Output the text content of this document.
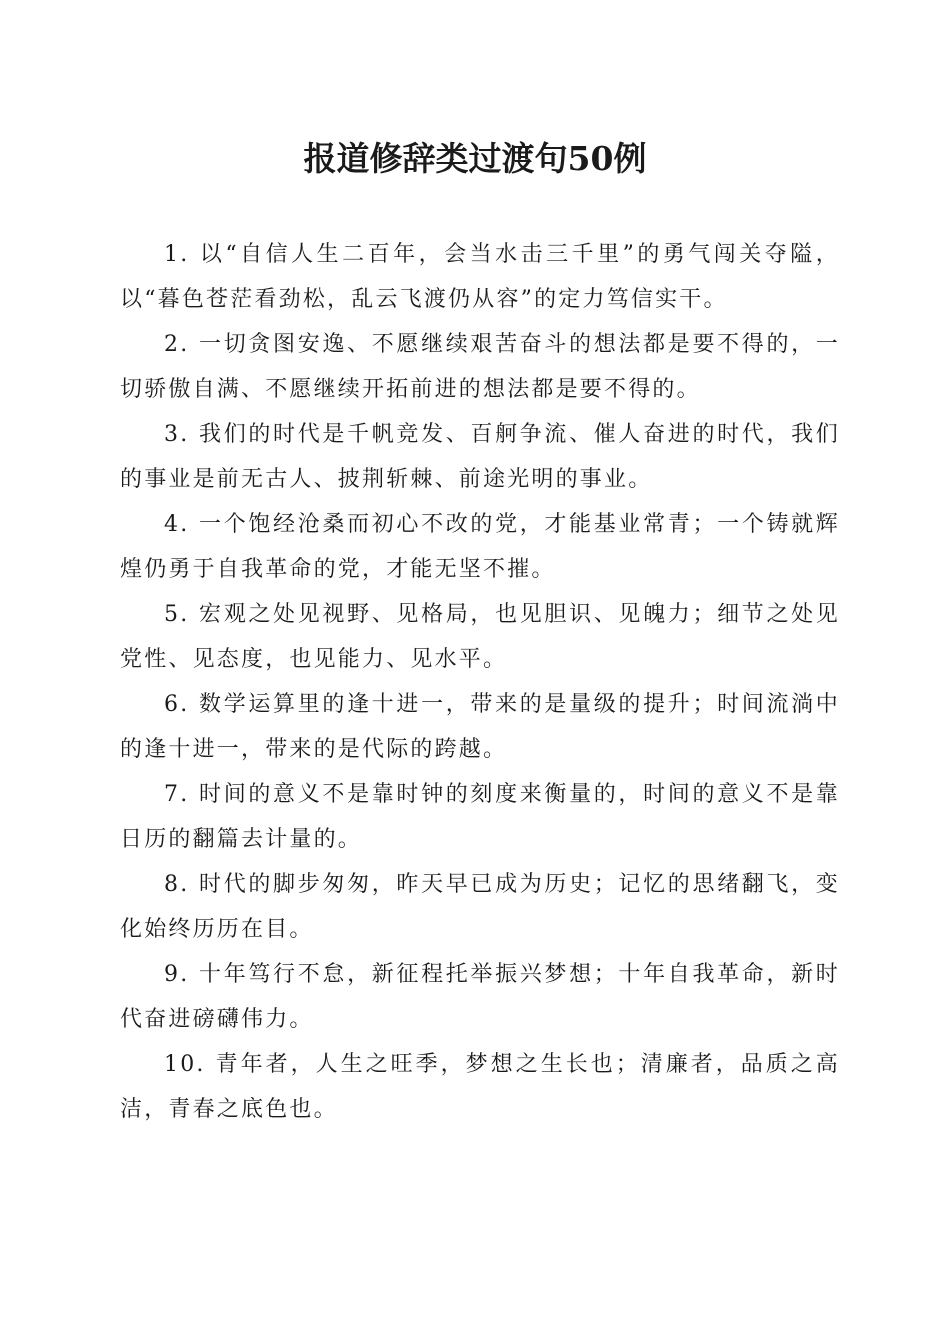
报道修辞类过渡句50例

1. 以“自信人生二百年，会当水击三千里”的勇气闯关夺隘，以“暮色苍茫看劲松，乱云飞渡仍从容”的定力笃信实干。

2. 一切贪图安逸、不愿继续艰苦奋斗的想法都是要不得的，一切骄傲自满、不愿继续开拓前进的想法都是要不得的。

3. 我们的时代是千帆竞发、百舸争流、催人奋进的时代，我们的事业是前无古人、披荆斩棘、前途光明的事业。

4. 一个饱经沧桑而初心不改的党，才能基业常青；一个铸就辉煌仍勇于自我革命的党，才能无坚不摧。

5. 宏观之处见视野、见格局，也见胆识、见魄力；细节之处见党性、见态度，也见能力、见水平。

6. 数学运算里的逢十进一，带来的是量级的提升；时间流淌中的逢十进一，带来的是代际的跨越。

7. 时间的意义不是靠时钟的刻度来衡量的，时间的意义不是靠日历的翻篇去计量的。

8. 时代的脚步匆匆，昨天早已成为历史；记忆的思绪翻飞，变化始终历历在目。

9. 十年笃行不怠，新征程托举振兴梦想；十年自我革命，新时代奋进磅礴伟力。

10. 青年者，人生之旺季，梦想之生长也；清廉者，品质之高洁，青春之底色也。
